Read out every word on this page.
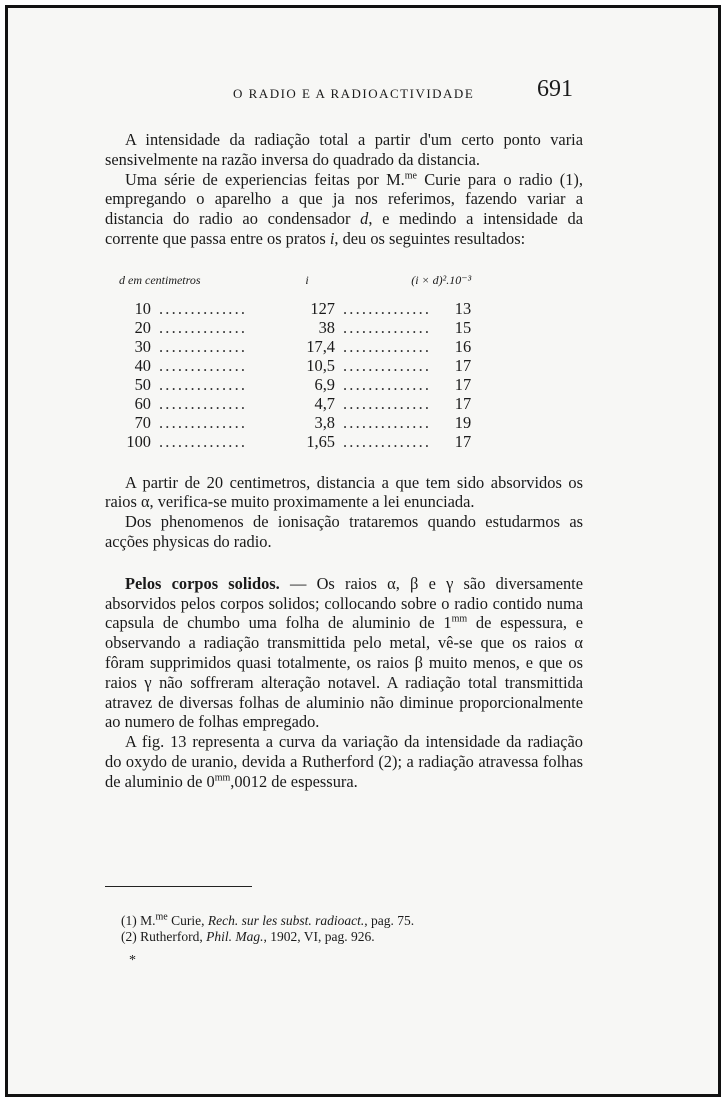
O RADIO E A RADIOACTIVIDADE	691

A intensidade da radiação total a partir d'um certo ponto varia sensivelmente na razão inversa do quadrado da distancia.

Uma série de experiencias feitas por M.$^{me}$ Curie para o radio (1), empregando o aparelho a que ja nos referimos, fazendo variar a distancia do radio ao condensador d, e medindo a intensidade da corrente que passa entre os pratos i, deu os seguintes resultados:

d em centimetros	i	(i × d)².10⁻³	
10 ..............	127	..............	13
20 ..............	38	..............	15
30 ..............	17,4	..............	16
40 ..............	10,5	..............	17
50 ..............	6,9	..............	17
60 ..............	4,7	..............	17
70 ..............	3,8	..............	19
100 ..............	1,65	..............	17

A partir de 20 centimetros, distancia a que tem sido absorvidos os raios α, verifica-se muito proximamente a lei enunciada.

Dos phenomenos de ionisação trataremos quando estudarmos as acções physicas do radio.

Pelos corpos solidos. — Os raios α, β e γ são diversamente absorvidos pelos corpos solidos; collocando sobre o radio contido numa capsula de chumbo uma folha de aluminio de $1^{mm}$ de espessura, e observando a radiação transmittida pelo metal, vê-se que os raios α fôram supprimidos quasi totalmente, os raios β muito menos, e que os raios γ não soffreram alteração notavel. A radiação total transmittida atravez de diversas folhas de aluminio não diminue proporcionalmente ao numero de folhas empregado.

A fig. 13 representa a curva da variação da intensidade da radiação do oxydo de uranio, devida a Rutherford (2); a radiação atravessa folhas de aluminio de $0^{mm},0012$ de espessura.

(1) M.$^{me}$ Curie, Rech. sur les subst. radioact., pag. 75.
(2) Rutherford, Phil. Mag., 1902, VI, pag. 926.
*
